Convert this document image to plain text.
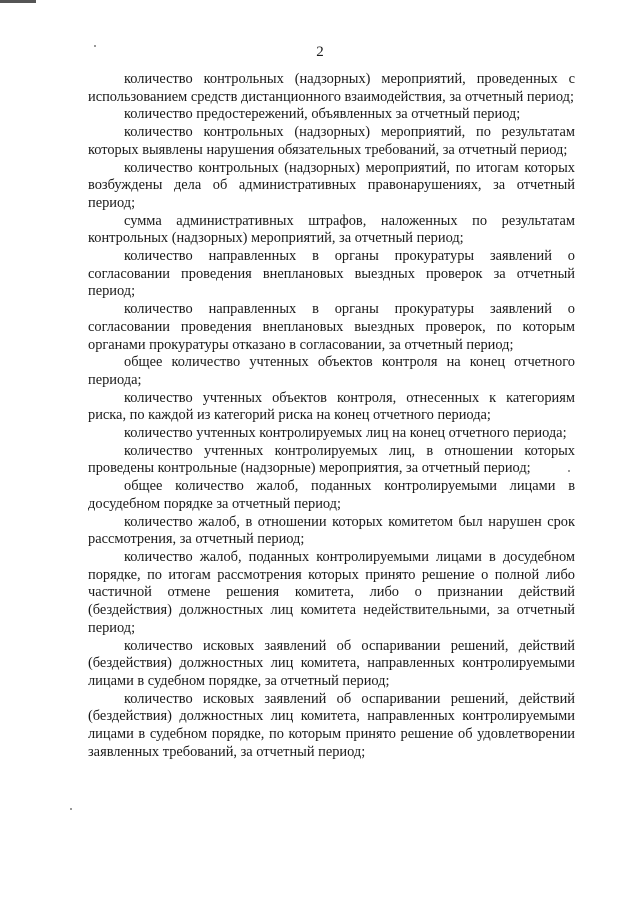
2

количество контрольных (надзорных) мероприятий, проведенных с использованием средств дистанционного взаимодействия, за отчетный период;

количество предостережений, объявленных за отчетный период;

количество контрольных (надзорных) мероприятий, по результатам которых выявлены нарушения обязательных требований, за отчетный период;

количество контрольных (надзорных) мероприятий, по итогам которых возбуждены дела об административных правонарушениях, за отчетный период;

сумма административных штрафов, наложенных по результатам контрольных (надзорных) мероприятий, за отчетный период;

количество направленных в органы прокуратуры заявлений о согласовании проведения внеплановых выездных проверок за отчетный период;

количество направленных в органы прокуратуры заявлений о согласовании проведения внеплановых выездных проверок, по которым органами прокуратуры отказано в согласовании, за отчетный период;

общее количество учтенных объектов контроля на конец отчетного периода;

количество учтенных объектов контроля, отнесенных к категориям риска, по каждой из категорий риска на конец отчетного периода;

количество учтенных контролируемых лиц на конец отчетного периода;

количество учтенных контролируемых лиц, в отношении которых проведены контрольные (надзорные) мероприятия, за отчетный период;

общее количество жалоб, поданных контролируемыми лицами в досудебном порядке за отчетный период;

количество жалоб, в отношении которых комитетом был нарушен срок рассмотрения, за отчетный период;

количество жалоб, поданных контролируемыми лицами в досудебном порядке, по итогам рассмотрения которых принято решение о полной либо частичной отмене решения комитета, либо о признании действий (бездействия) должностных лиц комитета недействительными, за отчетный период;

количество исковых заявлений об оспаривании решений, действий (бездействия) должностных лиц комитета, направленных контролируемыми лицами в судебном порядке, за отчетный период;

количество исковых заявлений об оспаривании решений, действий (бездействия) должностных лиц комитета, направленных контролируемыми лицами в судебном порядке, по которым принято решение об удовлетворении заявленных требований, за отчетный период;
